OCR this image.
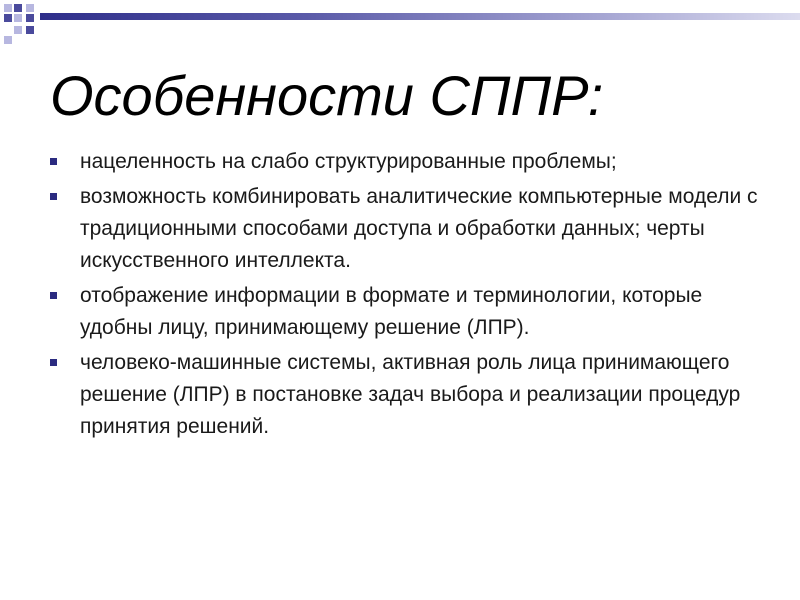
Особенности СППР:
нацеленность на слабо структурированные проблемы;
возможность комбинировать аналитические компьютерные модели с традиционными способами доступа и обработки данных; черты искусственного интеллекта.
отображение информации в формате и терминологии, которые удобны лицу, принимающему решение (ЛПР).
человеко-машинные системы, активная роль лица принимающего решение (ЛПР) в постановке задач выбора и реализации процедур принятия решений.
